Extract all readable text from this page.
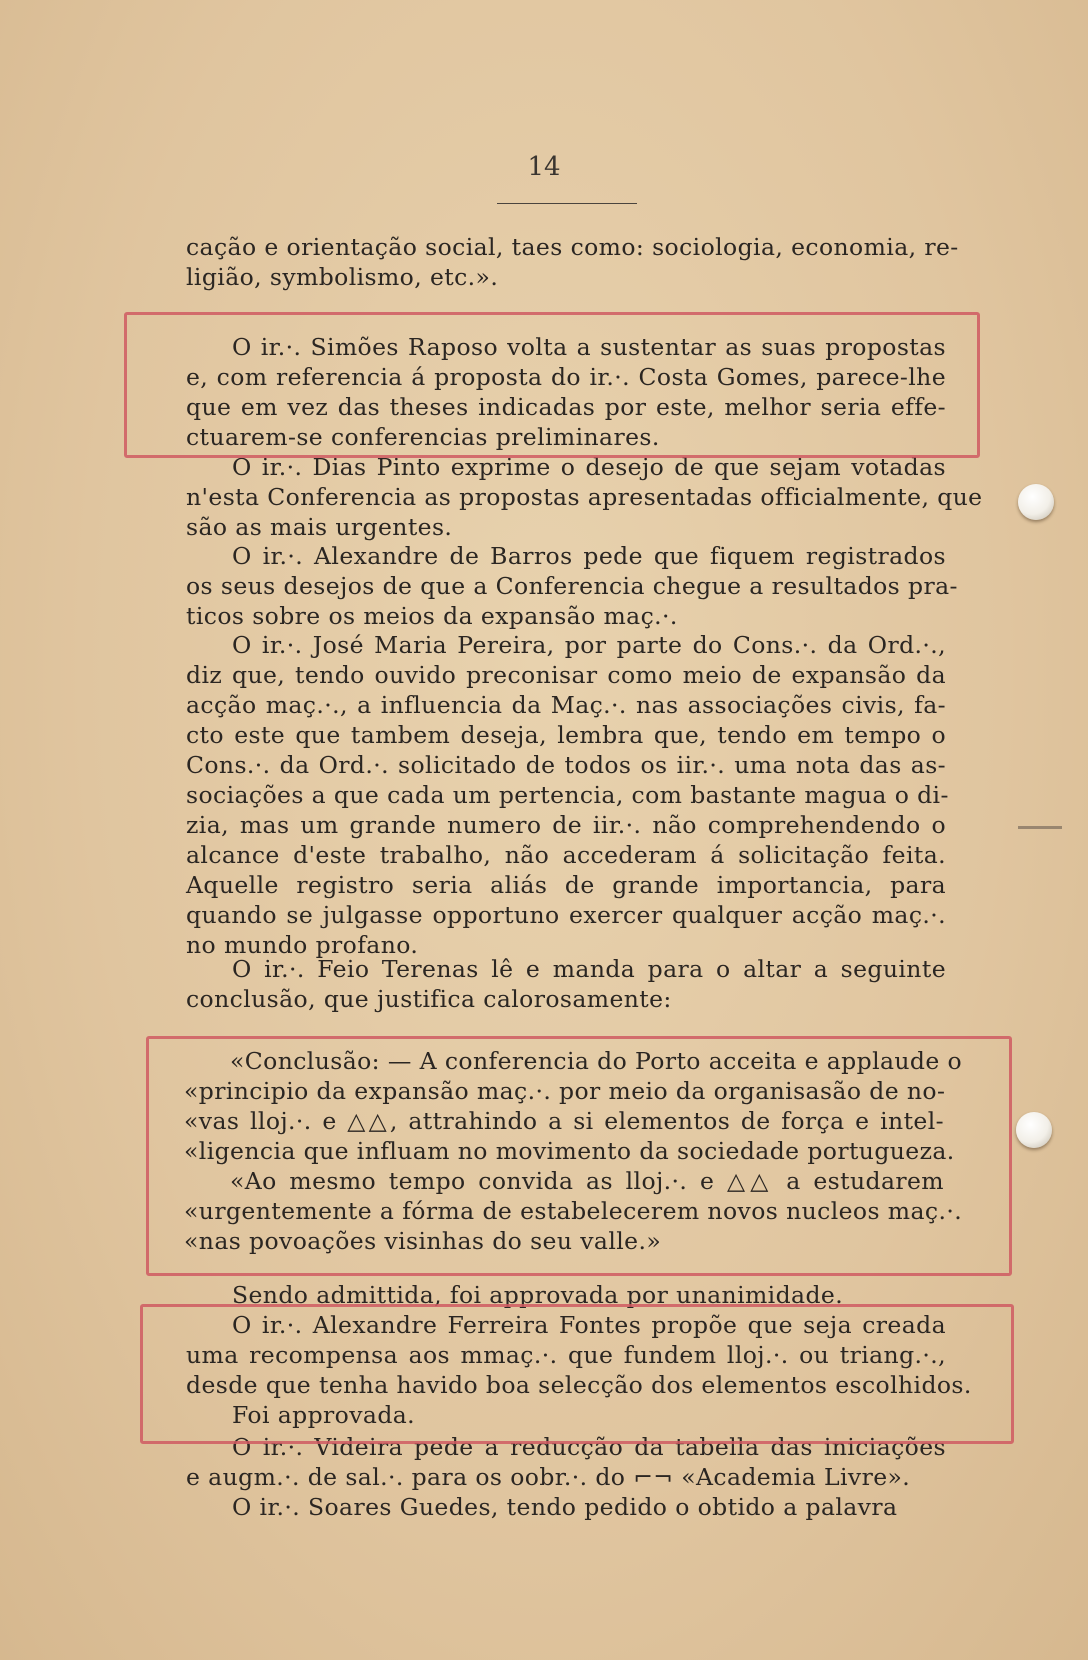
14
cação e orientação social, taes como: sociologia, economia, re-
ligião, symbolismo, etc.».
O ir.·. Simões Raposo volta a sustentar as suas propostas
e, com referencia á proposta do ir.·. Costa Gomes, parece-lhe
que em vez das theses indicadas por este, melhor seria effe-
ctuarem-se conferencias preliminares.
O ir.·. Dias Pinto exprime o desejo de que sejam votadas
n'esta Conferencia as propostas apresentadas officialmente, que
são as mais urgentes.
O ir.·. Alexandre de Barros pede que fiquem registrados
os seus desejos de que a Conferencia chegue a resultados pra-
ticos sobre os meios da expansão maç.·.
O ir.·. José Maria Pereira, por parte do Cons.·. da Ord.·.,
diz que, tendo ouvido preconisar como meio de expansão da
acção maç.·., a influencia da Maç.·. nas associações civis, fa-
cto este que tambem deseja, lembra que, tendo em tempo o
Cons.·. da Ord.·. solicitado de todos os iir.·. uma nota das as-
sociações a que cada um pertencia, com bastante magua o di-
zia, mas um grande numero de iir.·. não comprehendendo o
alcance d'este trabalho, não accederam á solicitação feita.
Aquelle registro seria aliás de grande importancia, para
quando se julgasse opportuno exercer qualquer acção maç.·.
no mundo profano.
O ir.·. Feio Terenas lê e manda para o altar a seguinte
conclusão, que justifica calorosamente:
«Conclusão: — A conferencia do Porto acceita e applaude o
«principio da expansão maç.·. por meio da organisasão de no-
«vas lloj.·. e △△, attrahindo a si elementos de força e intel-
«ligencia que influam no movimento da sociedade portugueza.
«Ao mesmo tempo convida as lloj.·. e △△ a estudarem
«urgentemente a fórma de estabelecerem novos nucleos maç.·.
«nas povoações visinhas do seu valle.»
Sendo admittida, foi approvada por unanimidade.
O ir.·. Alexandre Ferreira Fontes propõe que seja creada
uma recompensa aos mmaç.·. que fundem lloj.·. ou triang.·.,
desde que tenha havido boa selecção dos elementos escolhidos.
Foi approvada.
O ir.·. Videira pede a reducção da tabella das iniciações
e augm.·. de sal.·. para os oobr.·. do ⌐¬ «Academia Livre».
O ir.·. Soares Guedes, tendo pedido o obtido a palavra
